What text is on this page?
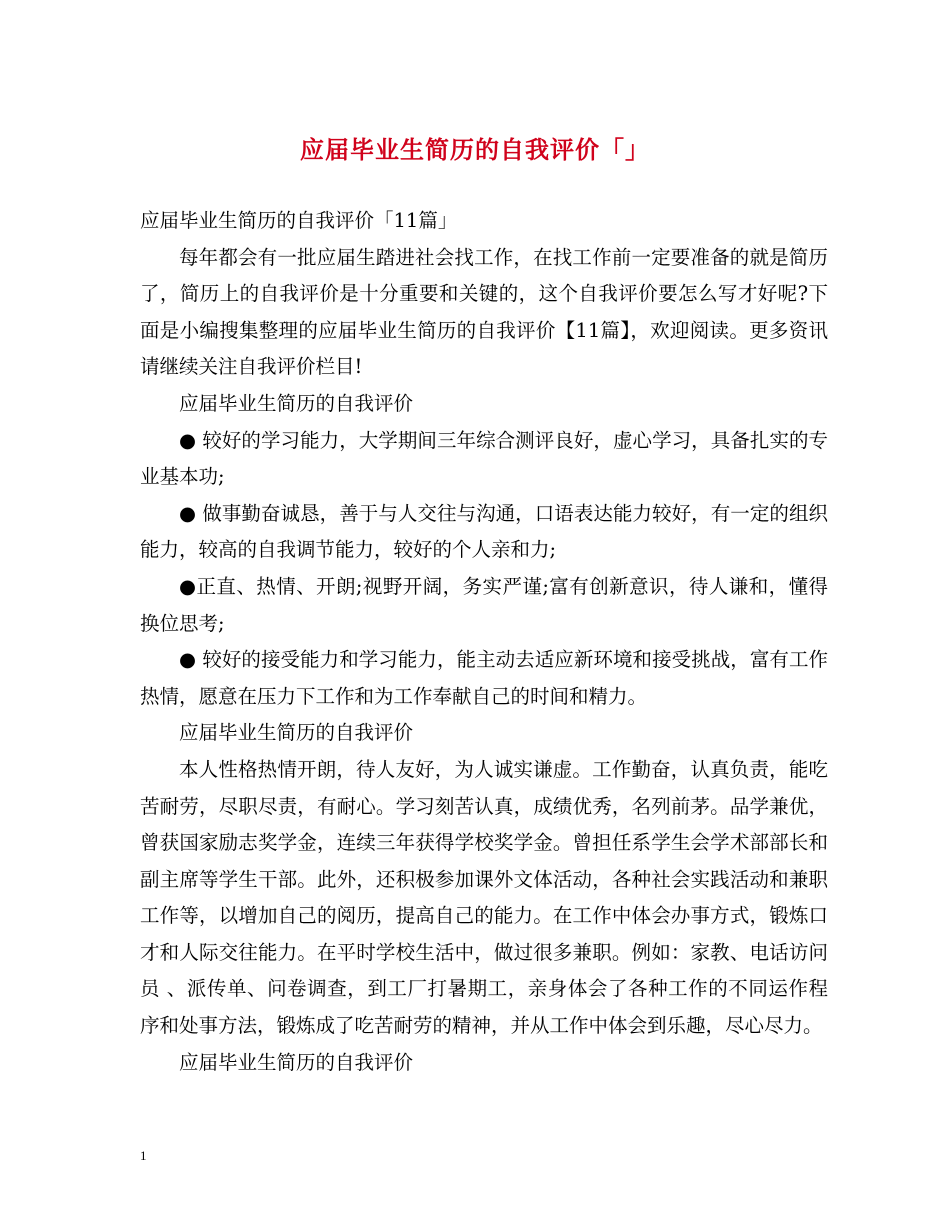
应届毕业生简历的自我评价「」

应届毕业生简历的自我评价「11篇」

每年都会有一批应届生踏进社会找工作，在找工作前一定要准备的就是简历了，简历上的自我评价是十分重要和关键的，这个自我评价要怎么写才好呢?下面是小编搜集整理的应届毕业生简历的自我评价【11篇】，欢迎阅读。更多资讯请继续关注自我评价栏目!

应届毕业生简历的自我评价

● 较好的学习能力，大学期间三年综合测评良好，虚心学习，具备扎实的专业基本功;

● 做事勤奋诚恳，善于与人交往与沟通，口语表达能力较好，有一定的组织能力，较高的自我调节能力，较好的个人亲和力;

●正直、热情、开朗;视野开阔，务实严谨;富有创新意识，待人谦和，懂得换位思考;

● 较好的接受能力和学习能力，能主动去适应新环境和接受挑战，富有工作热情，愿意在压力下工作和为工作奉献自己的时间和精力。

应届毕业生简历的自我评价

本人性格热情开朗，待人友好，为人诚实谦虚。工作勤奋，认真负责，能吃苦耐劳，尽职尽责，有耐心。学习刻苦认真，成绩优秀，名列前茅。品学兼优，曾获国家励志奖学金，连续三年获得学校奖学金。曾担任系学生会学术部部长和副主席等学生干部。此外，还积极参加课外文体活动，各种社会实践活动和兼职工作等，以增加自己的阅历，提高自己的能力。在工作中体会办事方式，锻炼口才和人际交往能力。在平时学校生活中，做过很多兼职。例如：家教、电话访问员 、派传单、问卷调查，到工厂打暑期工，亲身体会了各种工作的不同运作程序和处事方法，锻炼成了吃苦耐劳的精神，并从工作中体会到乐趣，尽心尽力。

应届毕业生简历的自我评价

1
